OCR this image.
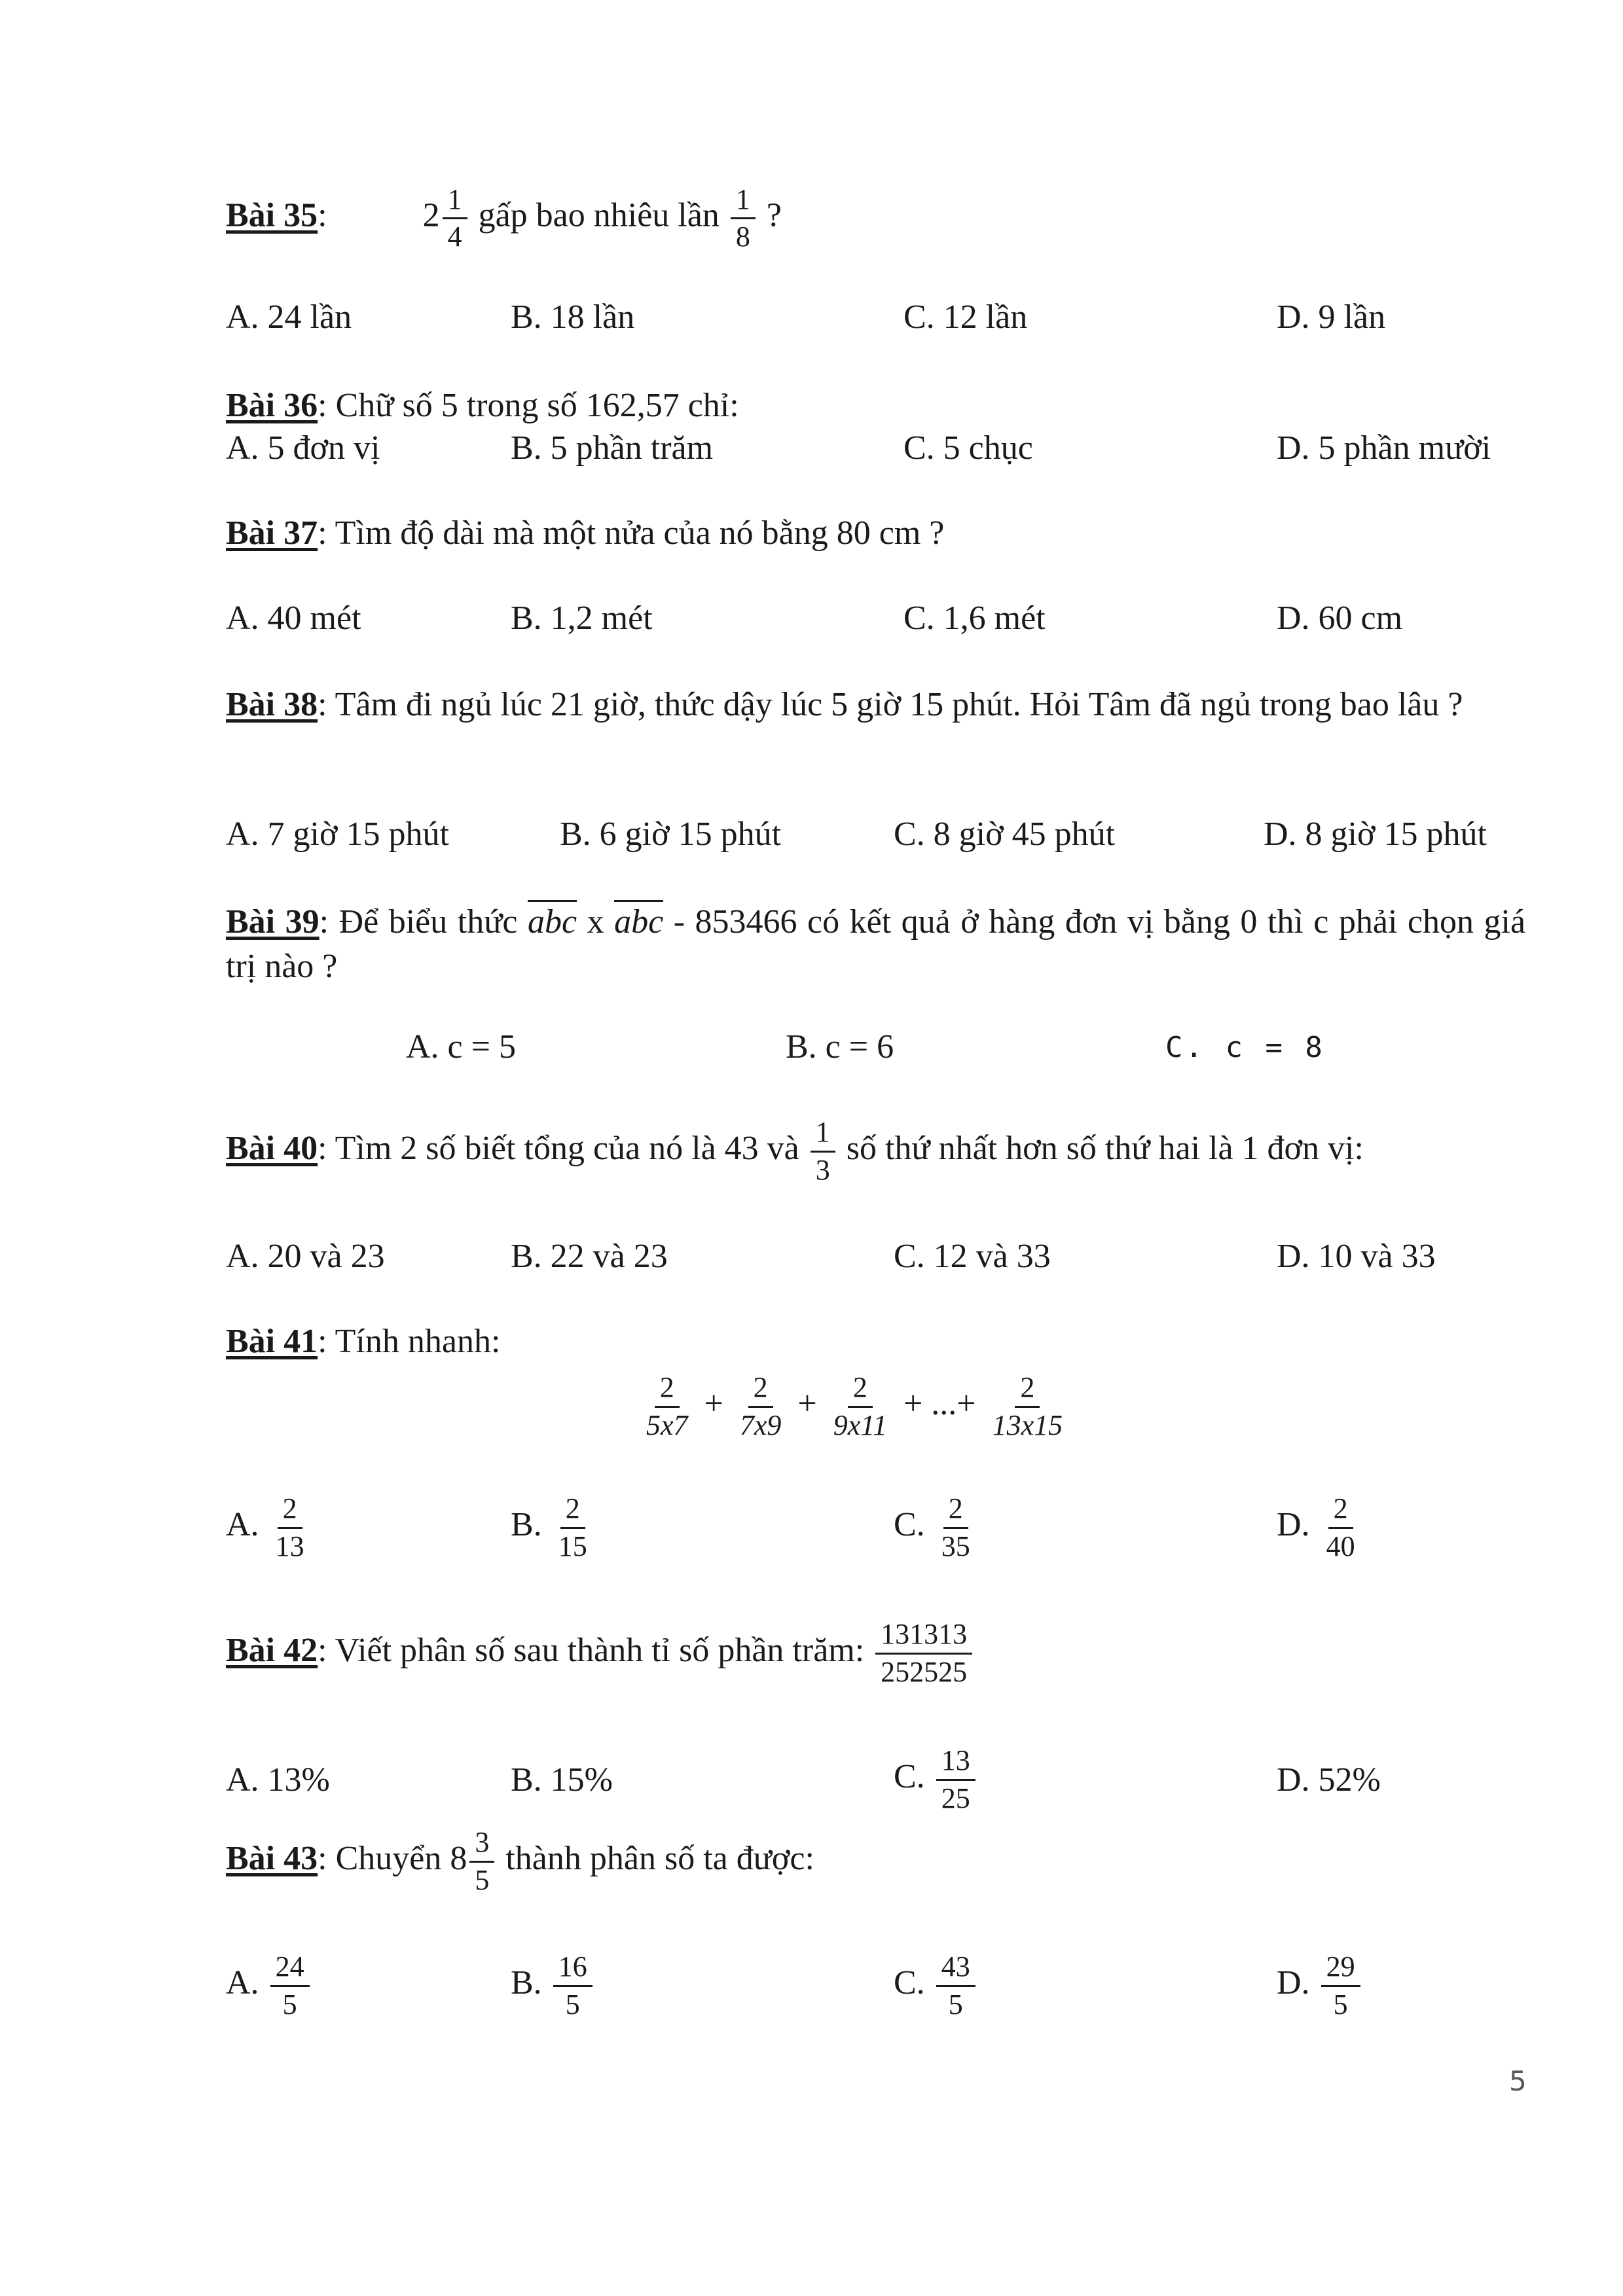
Bài 35:	$2 \frac{1}{4}$ gấp bao nhiêu lần $\frac{1}{8}$ ?
A. 24 lần	B. 18 lần	C. 12 lần	D. 9 lần
Bài 36: Chữ số 5 trong số 162,57 chỉ:
A. 5 đơn vị	B. 5 phần trăm	C. 5 chục	D. 5 phần mười
Bài 37: Tìm độ dài mà một nửa của nó bằng 80 cm ?
A. 40 mét	B. 1,2 mét	C. 1,6 mét	D. 60 cm
Bài 38: Tâm đi ngủ lúc 21 giờ, thức dậy lúc 5 giờ 15 phút. Hỏi Tâm đã ngủ trong bao lâu ?
A. 7 giờ 15 phút	B. 6 giờ 15 phút	C. 8 giờ 45 phút	D. 8 giờ 15 phút
Bài 39: Để biểu thức abc x abc - 853466 có kết quả ở hàng đơn vị bằng 0 thì c phải chọn giá trị nào ?
A. c = 5	B. c = 6	C. c = 8
Bài 40: Tìm 2 số biết tổng của nó là 43 và $\frac{1}{3}$ số thứ nhất hơn số thứ hai là 1 đơn vị:
A. 20 và 23	B. 22 và 23	C. 12 và 33	D. 10 và 33
Bài 41: Tính nhanh:
$\frac{2}{5x7} + \frac{2}{7x9} + \frac{2}{9x11}$ + ...+ $\frac{2}{13x15}$
A. $\frac{2}{13}$	B. $\frac{2}{15}$	C. $\frac{2}{35}$	D. $\frac{2}{40}$
Bài 42: Viết phân số sau thành tỉ số phần trăm: $\frac{131313}{252525}$
A. 13%	B. 15%	C. $\frac{13}{25}$	D. 52%
Bài 43: Chuyển $8 \frac{3}{5}$ thành phân số ta được:
A. $\frac{24}{5}$	B. $\frac{16}{5}$	C. $\frac{43}{5}$	D. $\frac{29}{5}$
5
